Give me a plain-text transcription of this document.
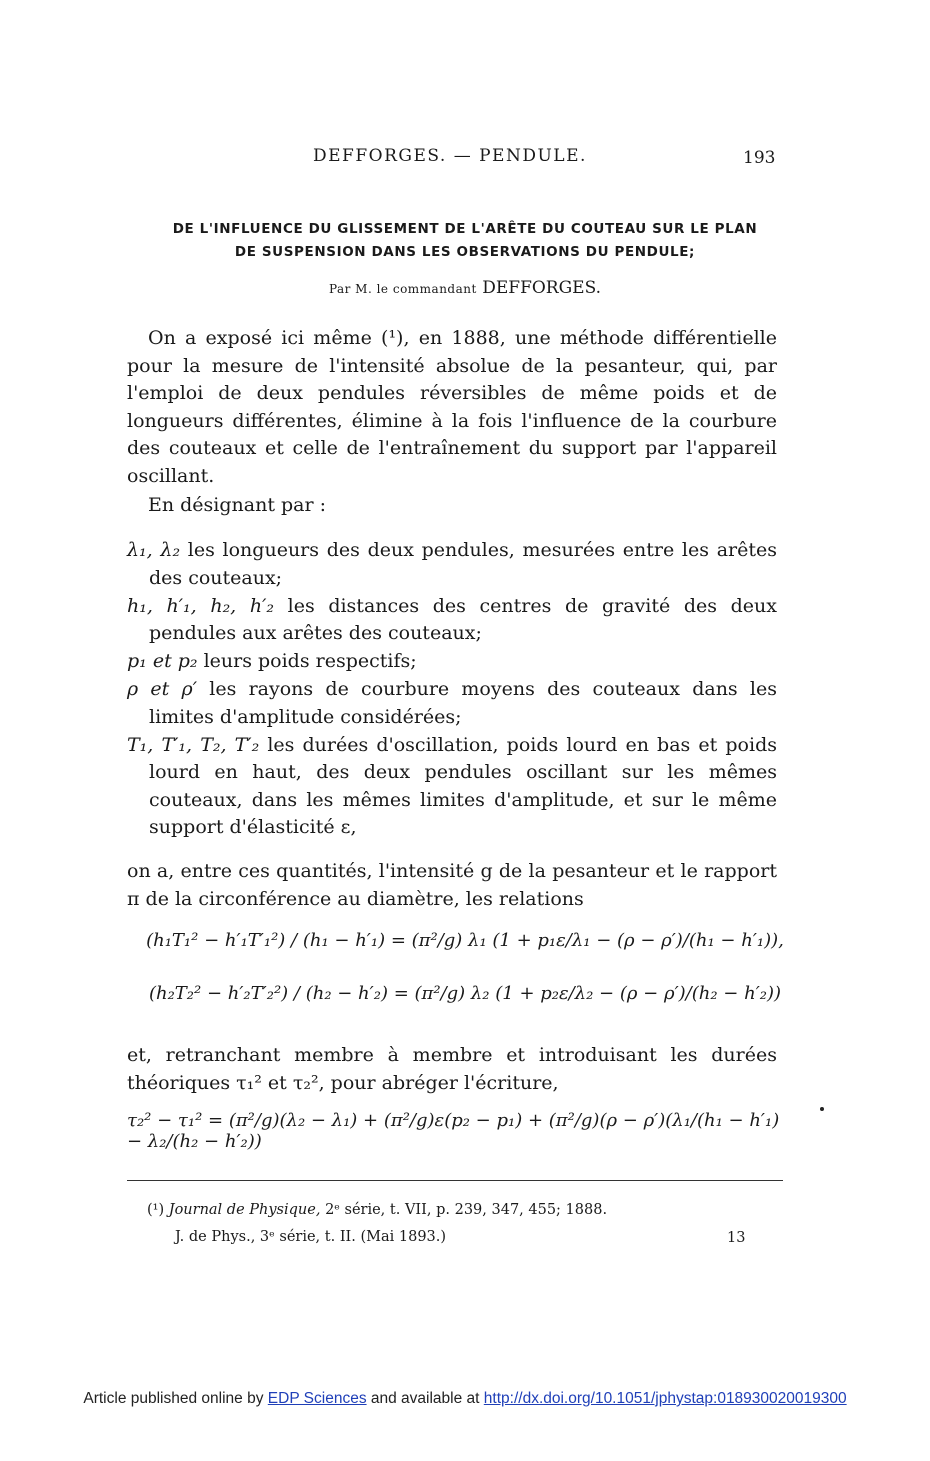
DEFFORGES. — PENDULE.	193
DE L'INFLUENCE DU GLISSEMENT DE L'ARÊTE DU COUTEAU SUR LE PLAN
DE SUSPENSION DANS LES OBSERVATIONS DU PENDULE;
Par M. le commandant DEFFORGES.
On a exposé ici même (¹), en 1888, une méthode différentielle pour la mesure de l'intensité absolue de la pesanteur, qui, par l'emploi de deux pendules réversibles de même poids et de longueurs différentes, élimine à la fois l'influence de la courbure des couteaux et celle de l'entraînement du support par l'appareil oscillant.
En désignant par :
λ₁, λ₂ les longueurs des deux pendules, mesurées entre les arêtes des couteaux;
h₁, h′₁, h₂, h′₂ les distances des centres de gravité des deux pendules aux arêtes des couteaux;
p₁ et p₂ leurs poids respectifs;
ρ et ρ′ les rayons de courbure moyens des couteaux dans les limites d'amplitude considérées;
T₁, T′₁, T₂, T′₂ les durées d'oscillation, poids lourd en bas et poids lourd en haut, des deux pendules oscillant sur les mêmes couteaux, dans les mêmes limites d'amplitude, et sur le même support d'élasticité ε,
on a, entre ces quantités, l'intensité g de la pesanteur et le rapport π de la circonférence au diamètre, les relations
(h₁T₁² − h′₁T′₁²) / (h₁ − h′₁) = (π²/g) λ₁ (1 + p₁ε/λ₁ − (ρ − ρ′)/(h₁ − h′₁)),
(h₂T₂² − h′₂T′₂²) / (h₂ − h′₂) = (π²/g) λ₂ (1 + p₂ε/λ₂ − (ρ − ρ′)/(h₂ − h′₂))
et, retranchant membre à membre et introduisant les durées théoriques τ₁² et τ₂², pour abréger l'écriture,
τ₂² − τ₁² = (π²/g)(λ₂ − λ₁) + (π²/g)ε(p₂ − p₁) + (π²/g)(ρ − ρ′)(λ₁/(h₁ − h′₁) − λ₂/(h₂ − h′₂))
(¹) Journal de Physique, 2ᵉ série, t. VII, p. 239, 347, 455; 1888.
J. de Phys., 3ᵉ série, t. II. (Mai 1893.)	13
Article published online by EDP Sciences and available at http://dx.doi.org/10.1051/jphystap:018930020019300
